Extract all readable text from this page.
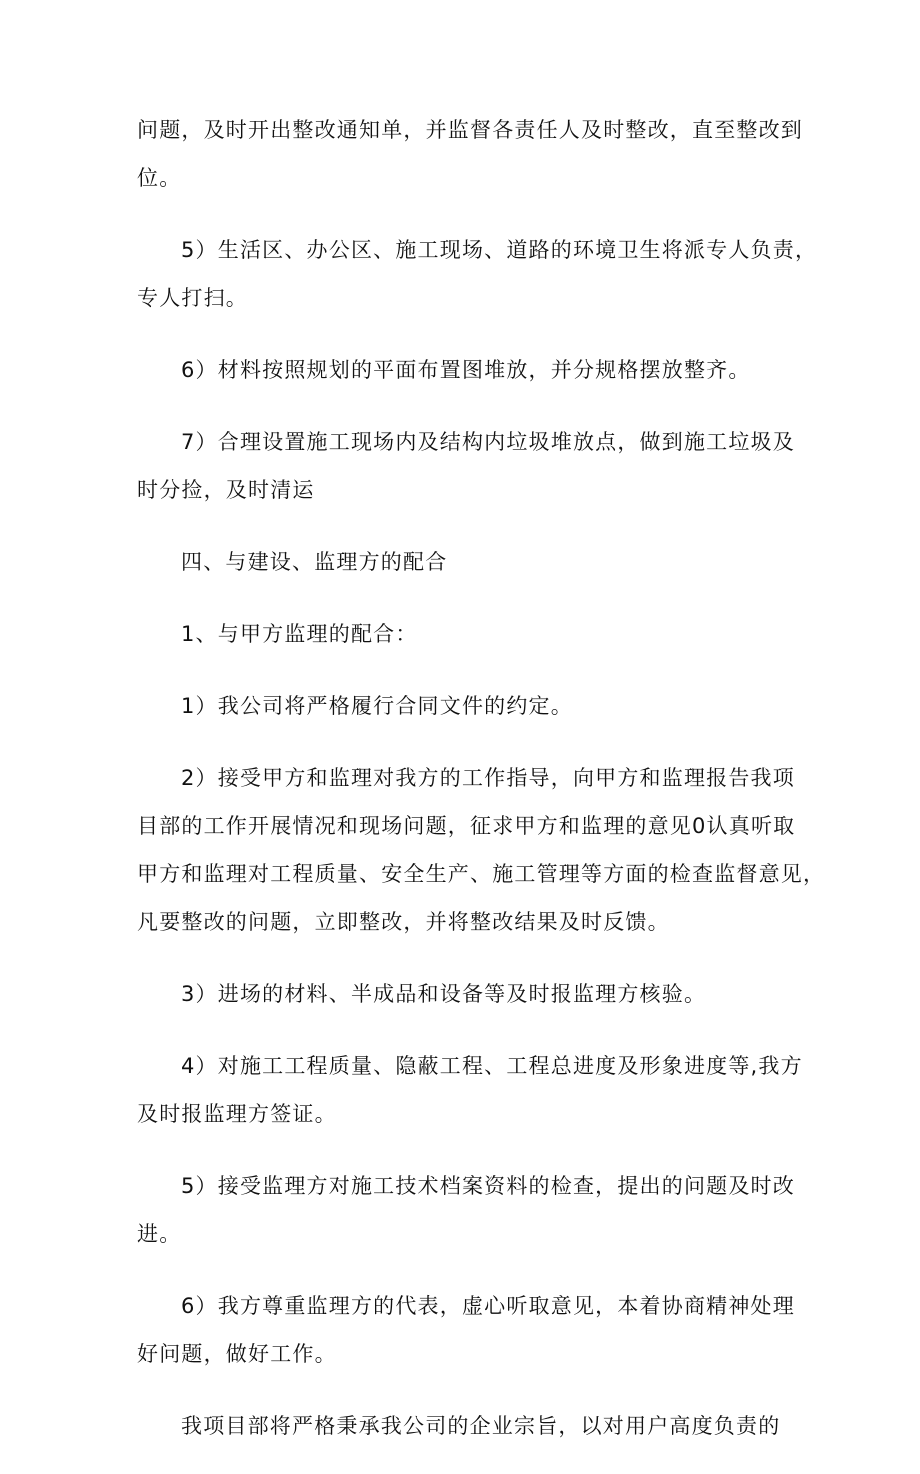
问题，及时开出整改通知单，并监督各责任人及时整改，直至整改到

位。

5）生活区、办公区、施工现场、道路的环境卫生将派专人负责，

专人打扫。

6）材料按照规划的平面布置图堆放，并分规格摆放整齐。

7）合理设置施工现场内及结构内垃圾堆放点，做到施工垃圾及

时分捡，及时清运

四、与建设、监理方的配合

1、与甲方监理的配合：

1）我公司将严格履行合同文件的约定。

2）接受甲方和监理对我方的工作指导，向甲方和监理报告我项

目部的工作开展情况和现场问题，征求甲方和监理的意见0认真听取

甲方和监理对工程质量、安全生产、施工管理等方面的检查监督意见，

凡要整改的问题，立即整改，并将整改结果及时反馈。

3）进场的材料、半成品和设备等及时报监理方核验。

4）对施工工程质量、隐蔽工程、工程总进度及形象进度等,我方

及时报监理方签证。

5）接受监理方对施工技术档案资料的检查，提出的问题及时改

进。

6）我方尊重监理方的代表，虚心听取意见，本着协商精神处理

好问题，做好工作。

我项目部将严格秉承我公司的企业宗旨，以对用户高度负责的
